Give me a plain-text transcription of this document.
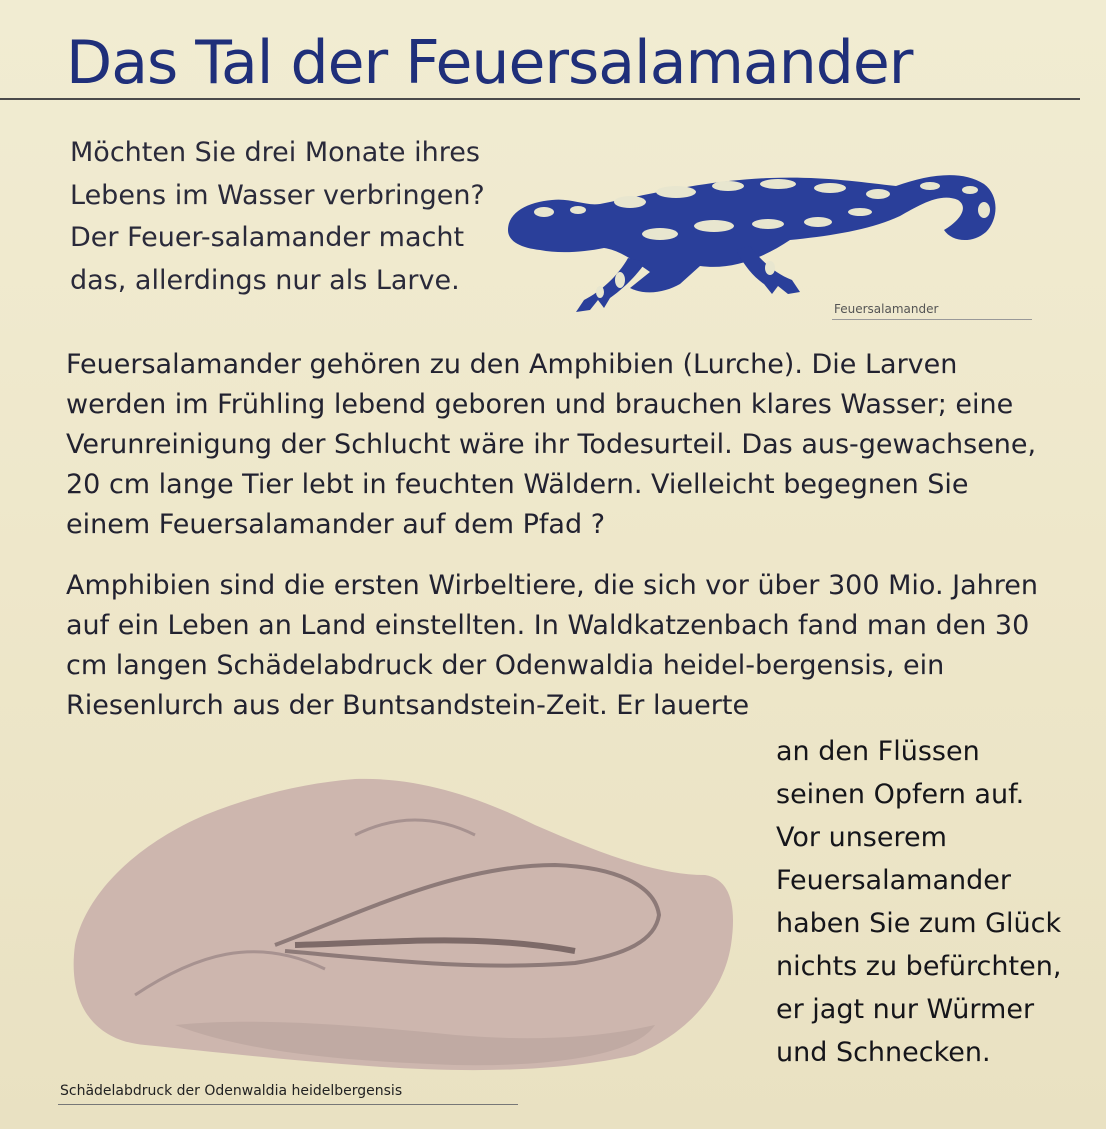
Das Tal der Feuersalamander

Möchten Sie drei Monate ihres Lebens im Wasser verbringen? Der Feuer-salamander macht das, allerdings nur als Larve.

Feuersalamander

Feuersalamander gehören zu den Amphibien (Lurche). Die Larven werden im Frühling lebend geboren und brauchen klares Wasser; eine Verunreinigung der Schlucht wäre ihr Todesurteil. Das aus-gewachsene, 20 cm lange Tier lebt in feuchten Wäldern. Vielleicht begegnen Sie einem Feuersalamander auf dem Pfad ?

Amphibien sind die ersten Wirbeltiere, die sich vor über 300 Mio. Jahren auf ein Leben an Land einstellten. In Waldkatzenbach fand man den 30 cm langen Schädelabdruck der Odenwaldia heidel-bergensis, ein Riesenlurch aus der Buntsandstein-Zeit. Er lauerte

an den Flüssen seinen Opfern auf. Vor unserem Feuersalamander haben Sie zum Glück nichts zu befürchten, er jagt nur Würmer und Schnecken.

Schädelabdruck der Odenwaldia heidelbergensis
